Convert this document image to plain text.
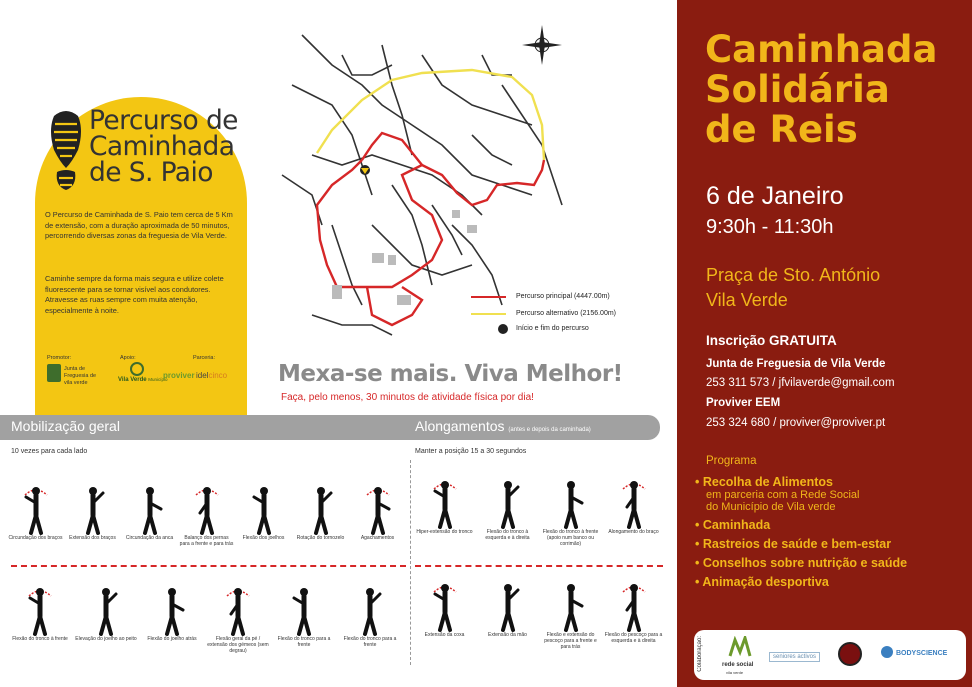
Percurso de
Caminhada
de S. Paio

O Percurso de Caminhada de S. Paio tem cerca de 5 Km de extensão, com a duração aproximada de 50 minutos, percorrendo diversas zonas da freguesia de Vila Verde.

Caminhe sempre da forma mais segura e utilize colete fluorescente para se tornar visível aos condutores. Atravesse as ruas sempre com muita atenção, especialmente à noite.

Promotor:
Junta de Freguesia de vila verde
Apoio:
Vila Verde Município
Parceria:
proviver idelcinco
Percurso principal (4447.00m)
Percurso alternativo (2156.00m)
Início e fim do percurso
Mexa-se mais. Viva Melhor!
Faça, pelo menos, 30 minutos de atividade física por dia!
Mobilização geral	Alongamentos (antes e depois da caminhada)
10 vezes para cada lado	Manter a posição 15 a 30 segundos
Circundação dos braços	Extensão dos braços	Circundação da anca	Balanço dos pernas para a frente e para trás
Flexão dos joelhos	Rotação do tornozelo	Agachamentos
Hiper-extensão do tronco	Flexão do tronco à esquerda e à direita
Flexão do tronco à frente (apoio num banco ou corrimão)
Alongamento do braço
Flexão do tronco à frente	Elevação do joelho ao peito	Flexão do joelho atrás	Flexão geral da pé / extensão dos gémeos (sem degrau)
Flexão do tronco para a frente
Flexão do tronco para a frente
Extensão da coxa	Extensão da mão	Flexão e extensão do pescoço para a frente e para trás
Flexão do pescoço para a esquerda e à direita
Caminhada
Solidária
de Reis
6 de Janeiro
9:30h - 11:30h
Praça de Sto. António
Vila Verde
Inscrição GRATUITA
Junta de Freguesia de Vila Verde
253 311 573 / jfvilaverde@gmail.com
Proviver EEM
253 324 680 / proviver@proviver.pt
Programa
• Recolha de Alimentos
em parceria com a Rede Social
do Município de Vila verde
• Caminhada
• Rastreios de saúde e bem-estar
• Conselhos sobre nutrição e saúde
• Animação desportiva
Colaboração:	rede social
vila verde
seniores activos	BODYSCIENCE
